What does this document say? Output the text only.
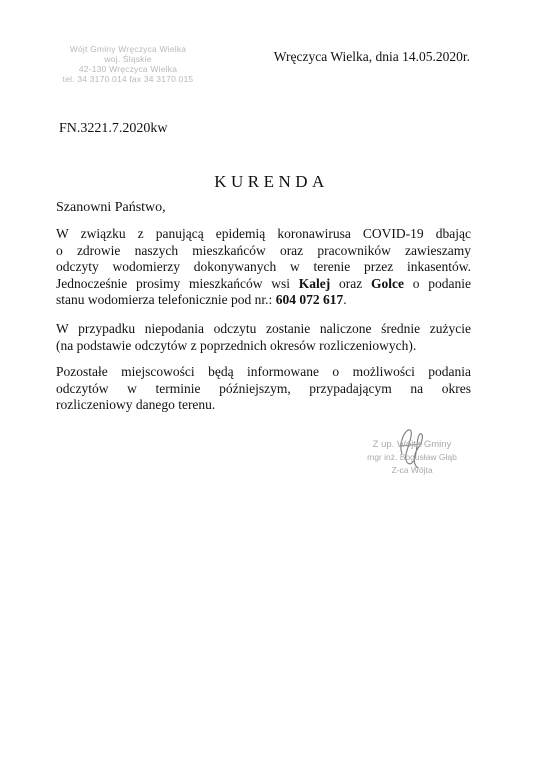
Wójt Gminy Wręczyca Wielka
woj. Śląskie
42-130 Wręczyca Wielka
tel. 34 3170 014 fax 34 3170 015
Wręczyca Wielka, dnia 14.05.2020r.
FN.3221.7.2020kw
KURENDA
Szanowni Państwo,
W związku z panującą epidemią koronawirusa COVID-19 dbając
o zdrowie naszych mieszkańców oraz pracowników zawieszamy
odczyty wodomierzy dokonywanych w terenie przez inkasentów.
Jednocześnie prosimy mieszkańców wsi Kalej oraz Golce o podanie
stanu wodomierza telefonicznie pod nr.: 604 072 617.
W przypadku niepodania odczytu zostanie naliczone średnie zużycie
(na podstawie odczytów z poprzednich okresów rozliczeniowych).
Pozostałe miejscowości będą informowane o możliwości podania
odczytów w terminie późniejszym, przypadającym na okres
rozliczeniowy danego terenu.
Z up. Wójta Gminy
mgr inż. Bogusław Głąb
Z-ca Wójta
